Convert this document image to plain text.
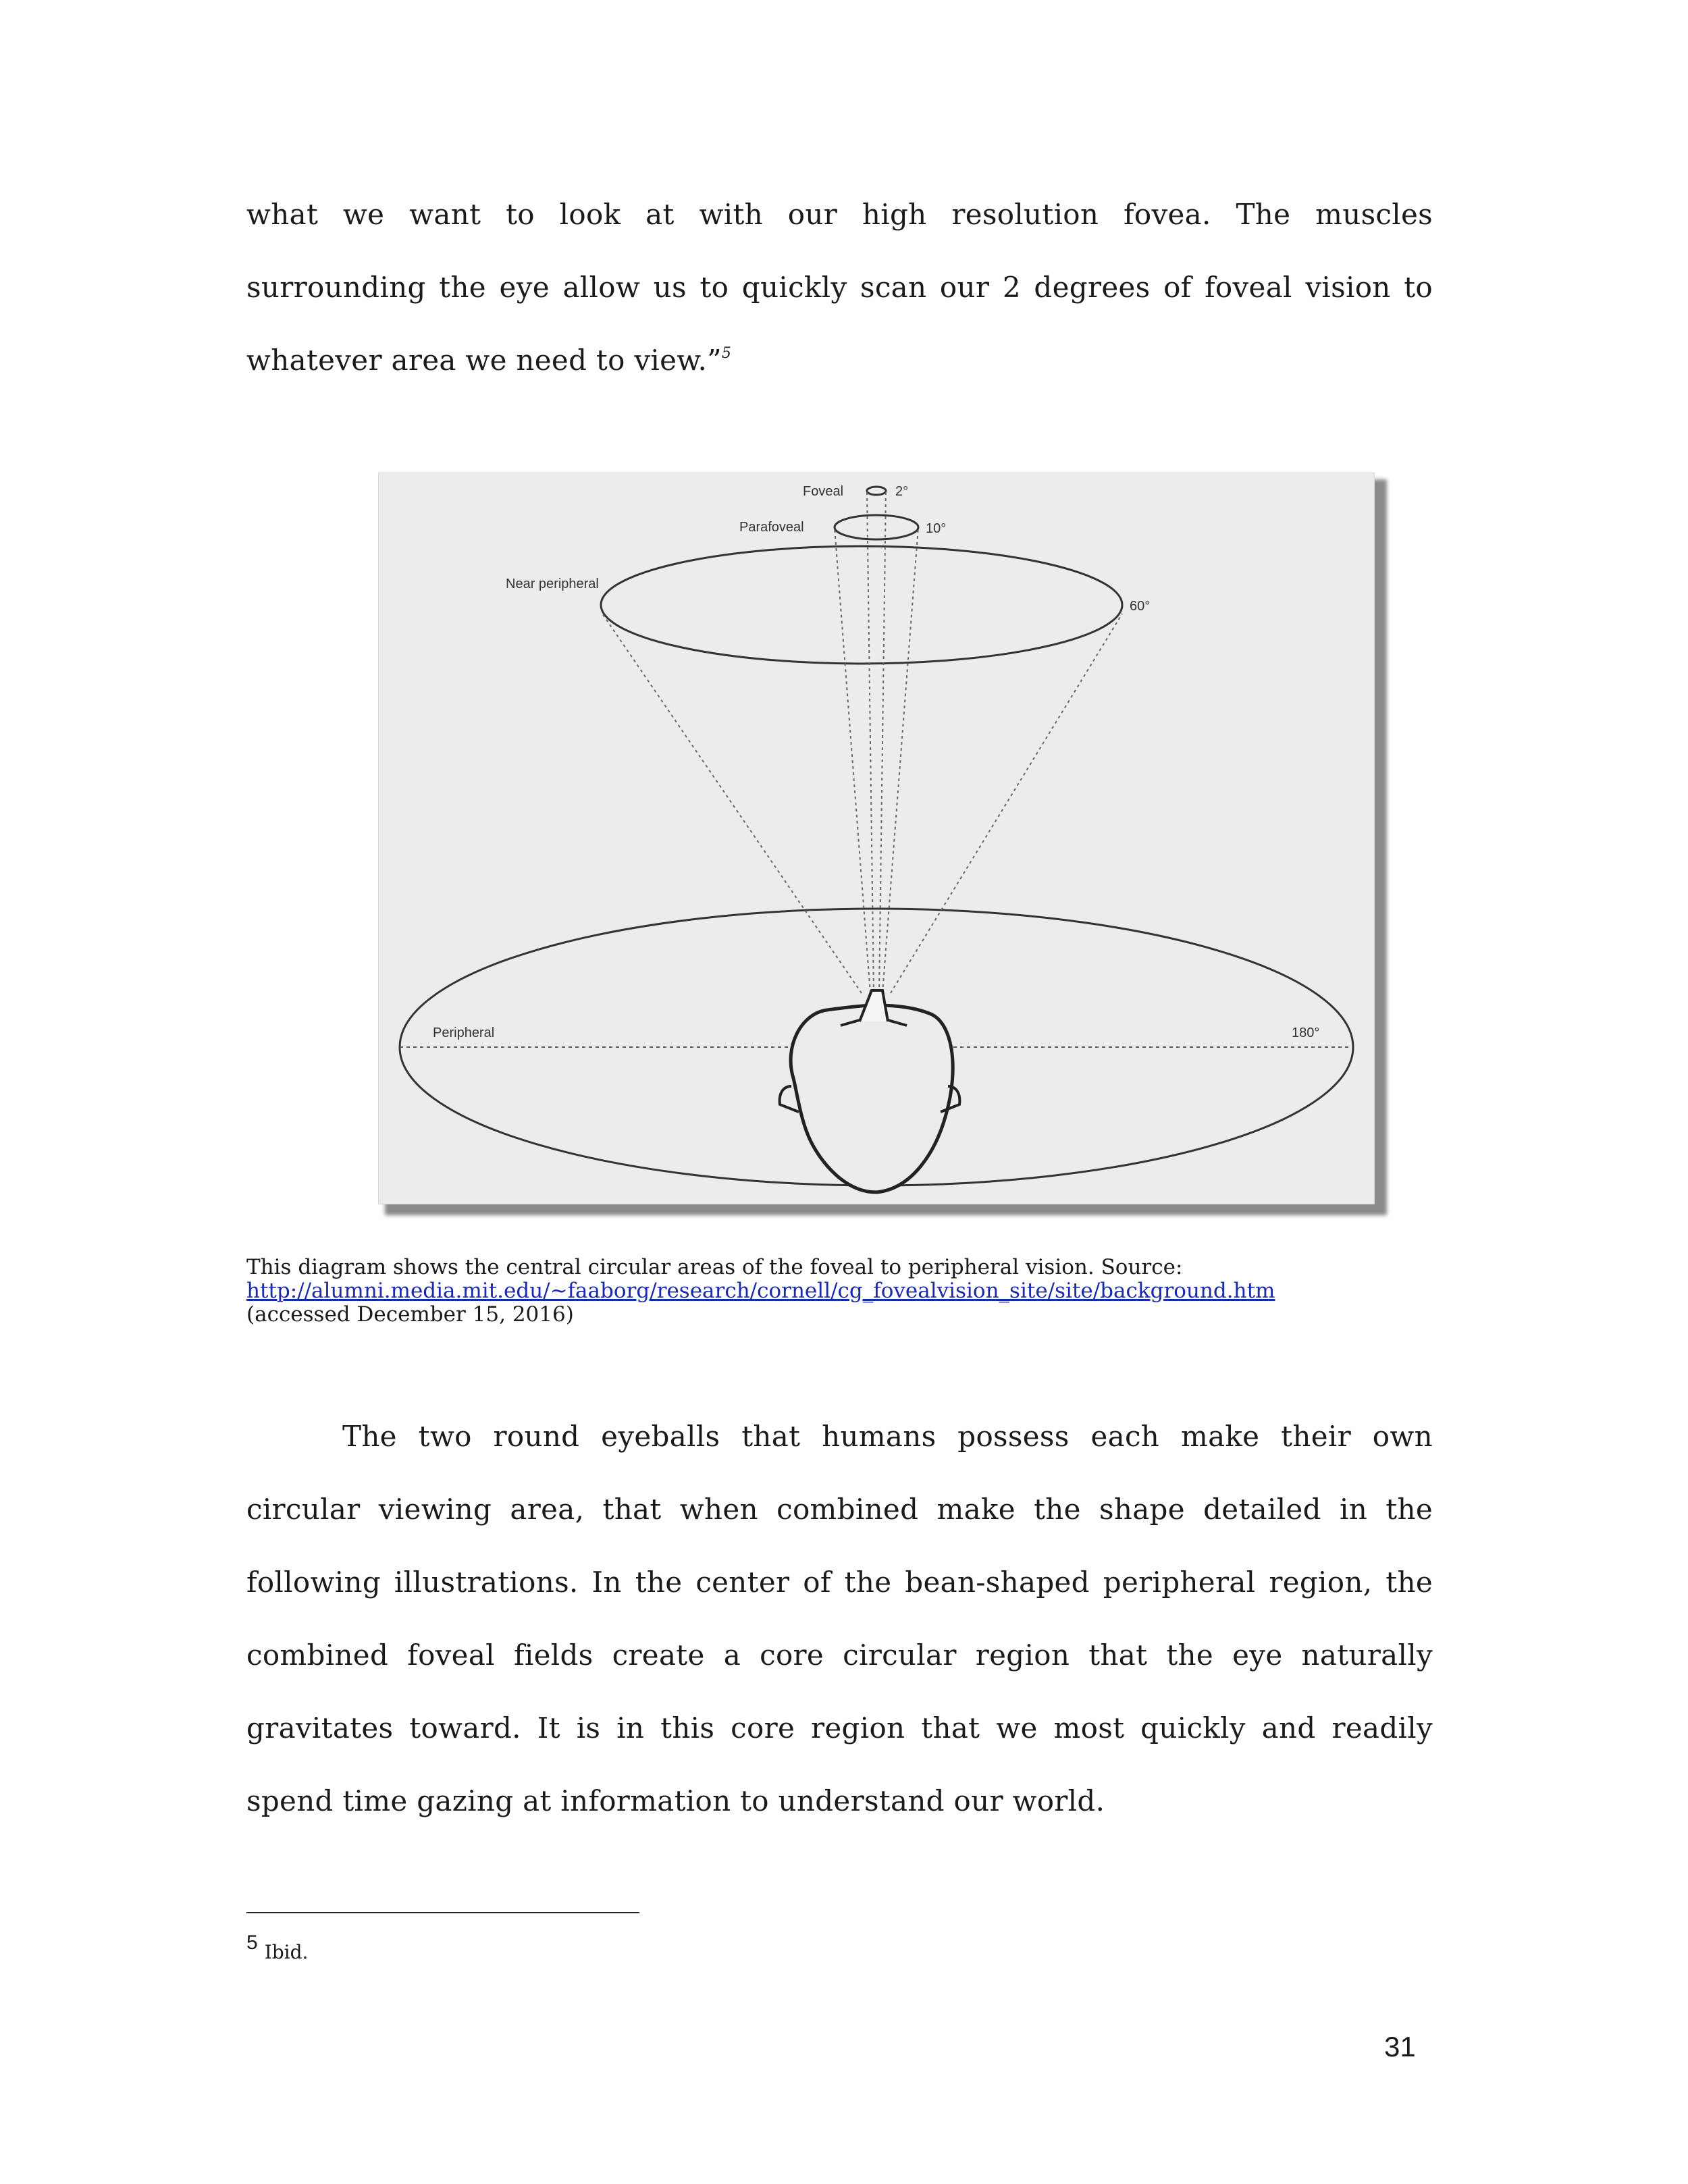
what we want to look at with our high resolution fovea. The muscles surrounding the eye allow us to quickly scan our 2 degrees of foveal vision to whatever area we need to view.”$^5$

Foveal	2°
Parafoveal	10°
Near peripheral
60°
Peripheral	180°
This diagram shows the central circular areas of the foveal to peripheral vision. Source:
http://alumni.media.mit.edu/~faaborg/research/cornell/cg_fovealvision_site/site/background.htm
(accessed December 15, 2016)

The two round eyeballs that humans possess each make their own circular viewing area, that when combined make the shape detailed in the following illustrations. In the center of the bean-shaped peripheral region, the combined foveal fields create a core circular region that the eye naturally gravitates toward. It is in this core region that we most quickly and readily spend time gazing at information to understand our world.

5 Ibid.
31
